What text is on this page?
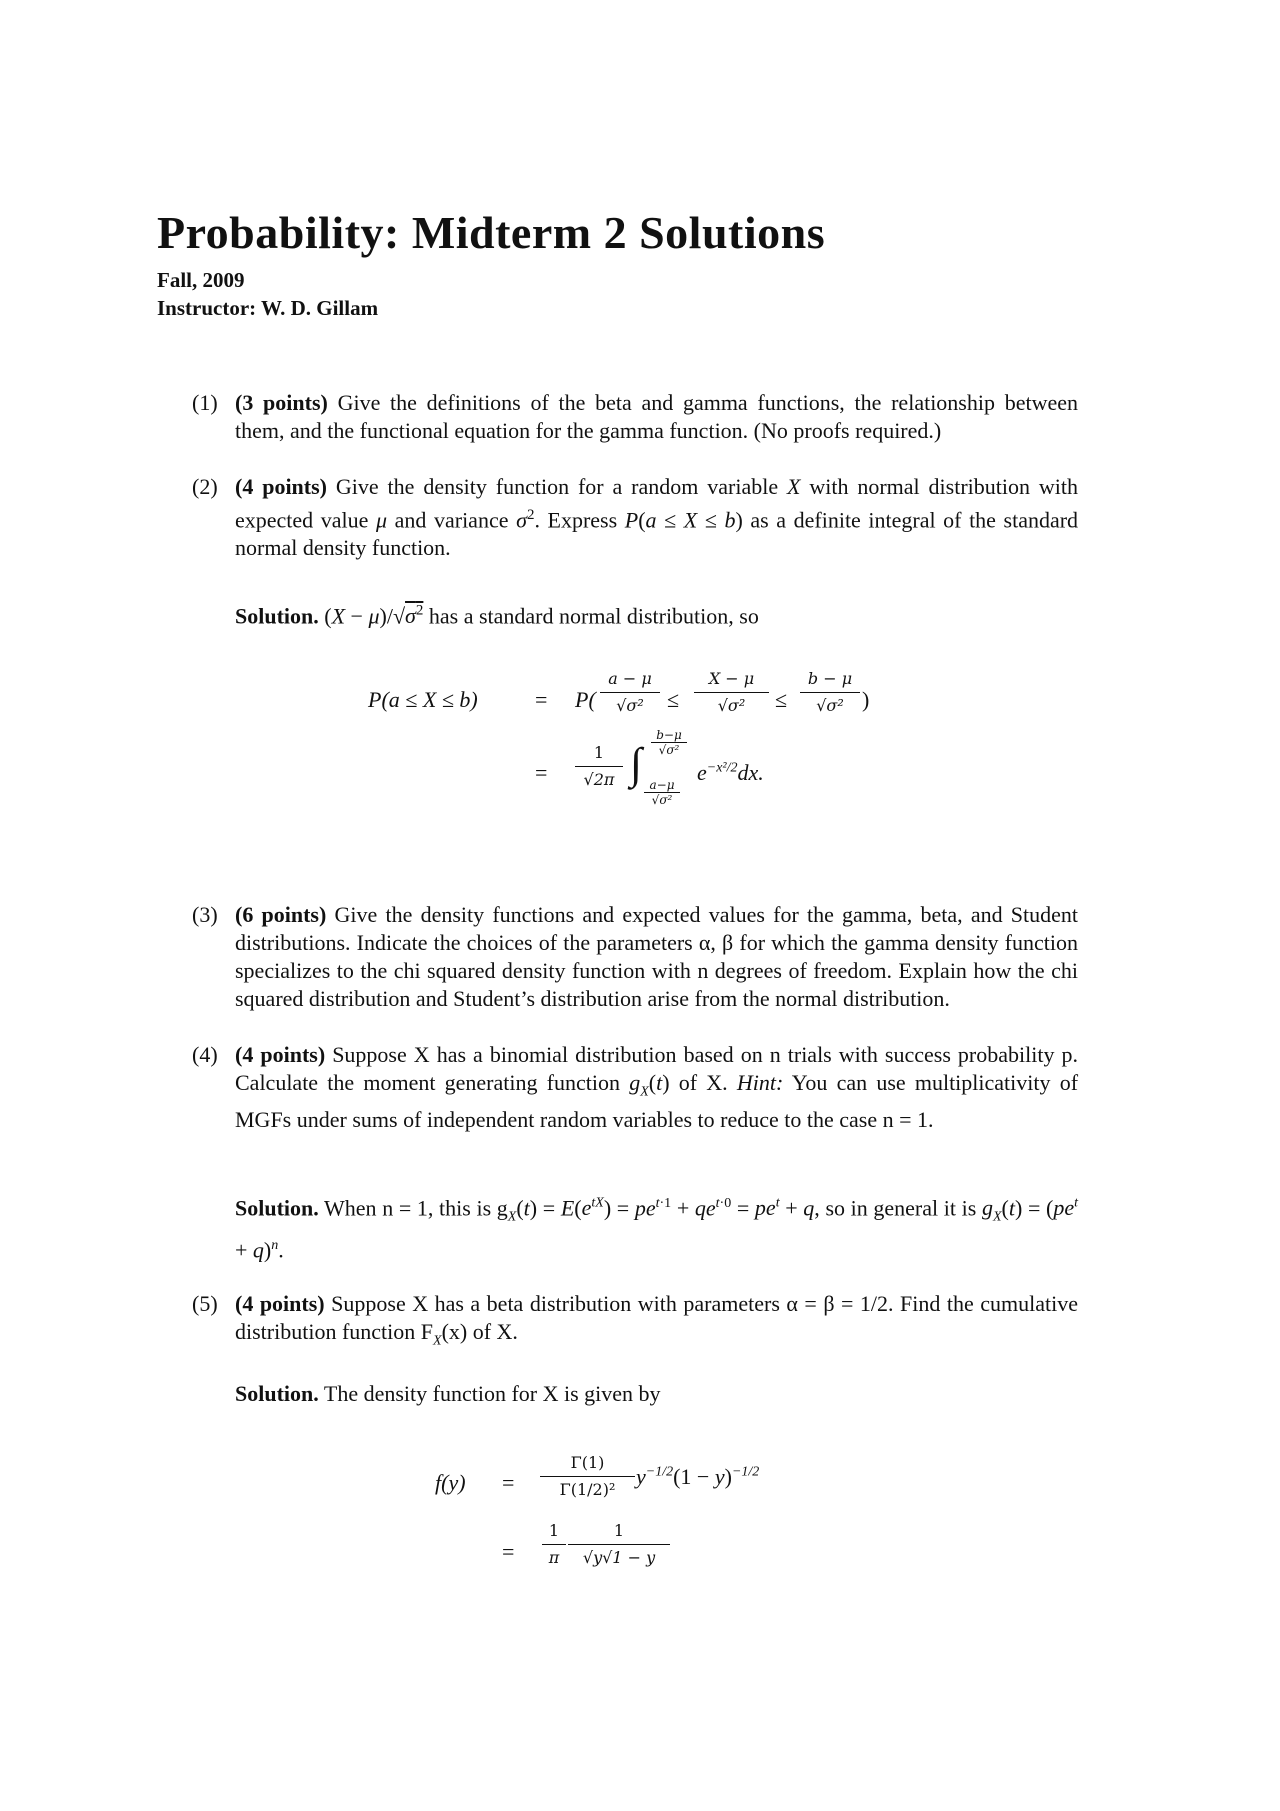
Probability: Midterm 2 Solutions
Fall, 2009
Instructor: W. D. Gillam
(1) (3 points) Give the definitions of the beta and gamma functions, the relationship between them, and the functional equation for the gamma function. (No proofs required.)
(2) (4 points) Give the density function for a random variable X with normal distribution with expected value μ and variance $\sigma^2$. Express P(a ≤ X ≤ b) as a definite integral of the standard normal density function.
Solution. $(X - \mu)/√\sigma^2$ has a standard normal distribution, so
P(a ≤ X ≤ b)	= $P( \frac{a - \mu}{\text{√σ²}} \le \frac{X - \mu}{\text{√σ²}} \le \frac{b - \mu}{\text{√σ²}}$ )
= $\frac{1}{√2\pi}$ ∫ $\frac{b-\mu}{\text{√σ²}}$
$\frac{a-\mu}{\text{√σ²}}$
$e^{-x^2/2}dx$.
(3) (6 points) Give the density functions and expected values for the gamma, beta, and Student distributions. Indicate the choices of the parameters α, β for which the gamma density function specializes to the chi squared density function with n degrees of freedom. Explain how the chi squared distribution and Student’s distribution arise from the normal distribution.
(4) (4 points) Suppose X has a binomial distribution based on n trials with success probability p. Calculate the moment generating function $g_X(t)$ of X. Hint: You can use multiplicativity of MGFs under sums of independent random variables to reduce to the case n = 1.
Solution. When n = 1, this is $g_X(t) = E(e^{tX}) = pe^{t\cdot 1} + qe^{t\cdot 0} = pe^t + q$, so in general it is $g_X(t) = (pe^t + q)^n$.
(5) (4 points) Suppose X has a beta distribution with parameters α = β = 1/2. Find the cumulative distribution function $F_X(x)$ of X.
Solution. The density function for X is given by
$f(y) = \frac{\Gamma(1)}{\text{Γ(1/2)²}} y^{-1/2}(1 - y)^{-1/2}$
= $\frac{1}{\pi} \frac{1}{√y√1 - y}$
